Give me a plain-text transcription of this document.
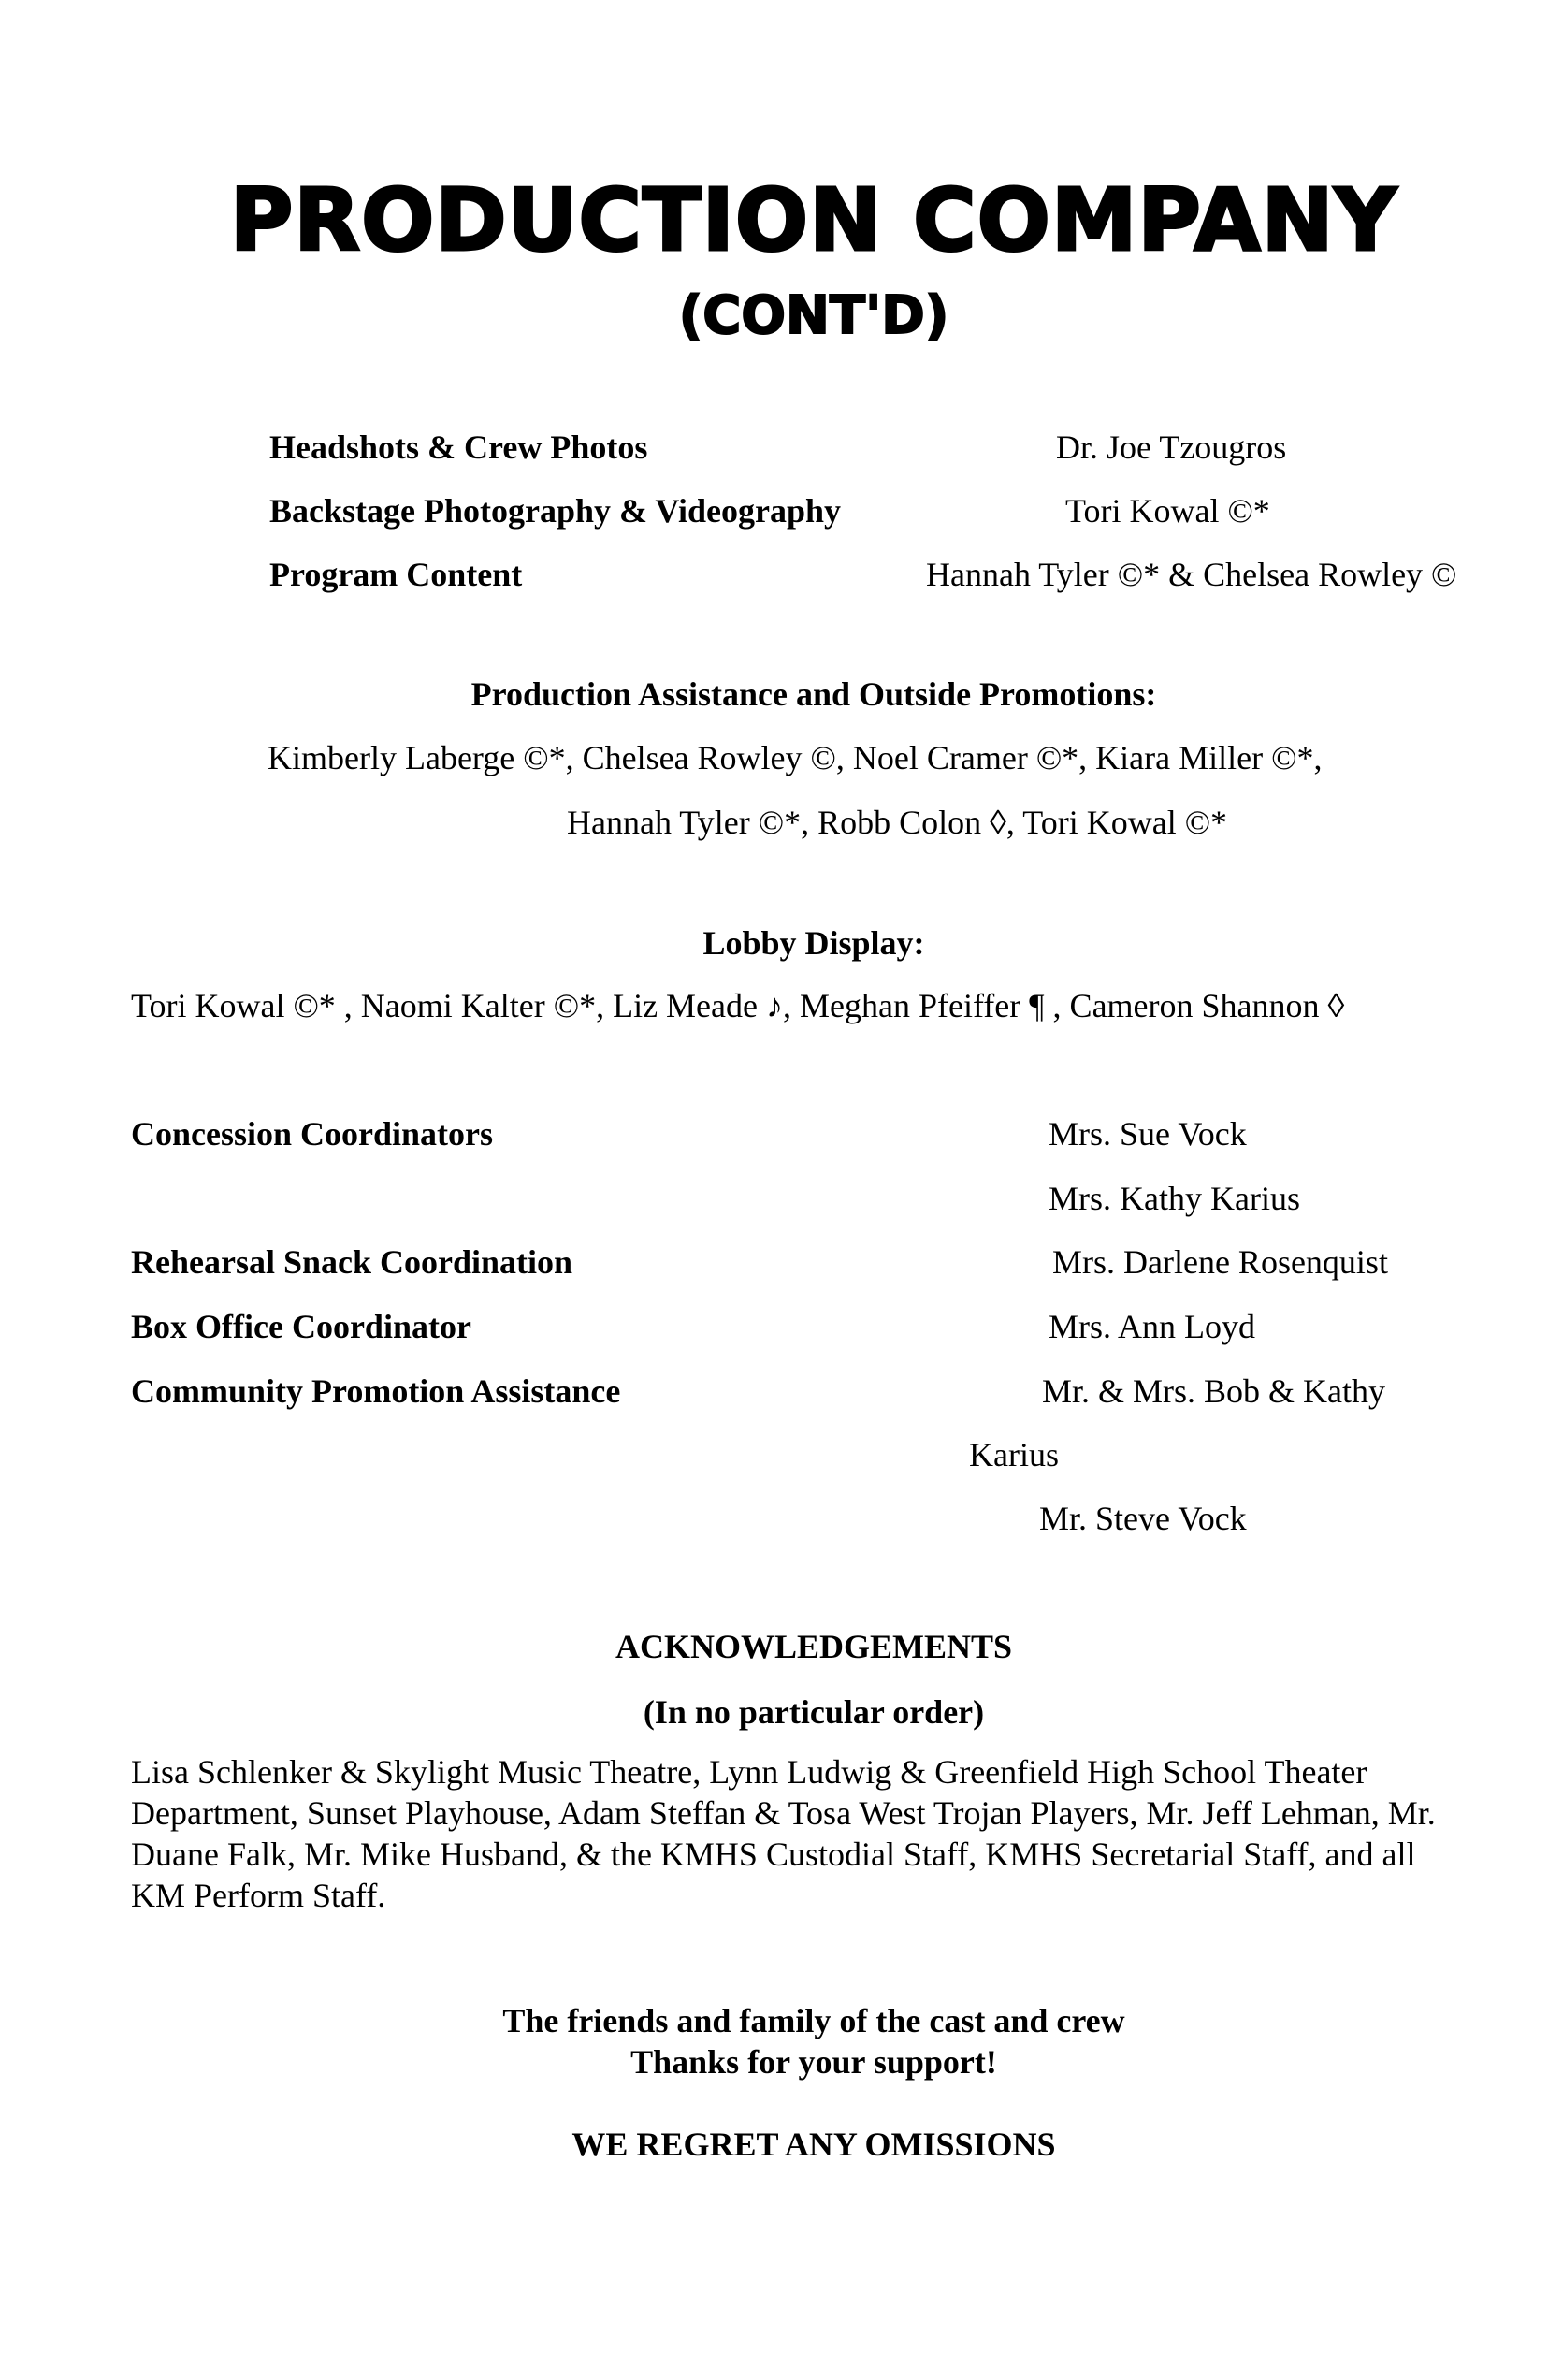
PRODUCTION COMPANY
(CONT'D)
Headshots & Crew Photos	Dr. Joe Tzougros
Backstage Photography & Videography	Tori Kowal ©*
Program Content	Hannah Tyler ©* & Chelsea Rowley ©
Production Assistance and Outside Promotions:
Kimberly Laberge ©*, Chelsea Rowley ©, Noel Cramer ©*, Kiara Miller ©*,
Hannah Tyler ©*, Robb Colon ◊, Tori Kowal ©*
Lobby Display:
Tori Kowal ©* , Naomi Kalter ©*, Liz Meade ♪, Meghan Pfeiffer ¶ , Cameron Shannon ◊
Concession Coordinators	Mrs. Sue Vock
Mrs. Kathy Karius
Rehearsal Snack Coordination	Mrs. Darlene Rosenquist
Box Office Coordinator	Mrs. Ann Loyd
Community Promotion Assistance	Mr. & Mrs. Bob & Kathy
Karius
Mr. Steve Vock
ACKNOWLEDGEMENTS
(In no particular order)
Lisa Schlenker & Skylight Music Theatre, Lynn Ludwig & Greenfield High School Theater Department, Sunset Playhouse, Adam Steffan & Tosa West Trojan Players, Mr. Jeff Lehman, Mr. Duane Falk, Mr. Mike Husband, & the KMHS Custodial Staff, KMHS Secretarial Staff, and all KM Perform Staff.
The friends and family of the cast and crew
Thanks for your support!
WE REGRET ANY OMISSIONS
